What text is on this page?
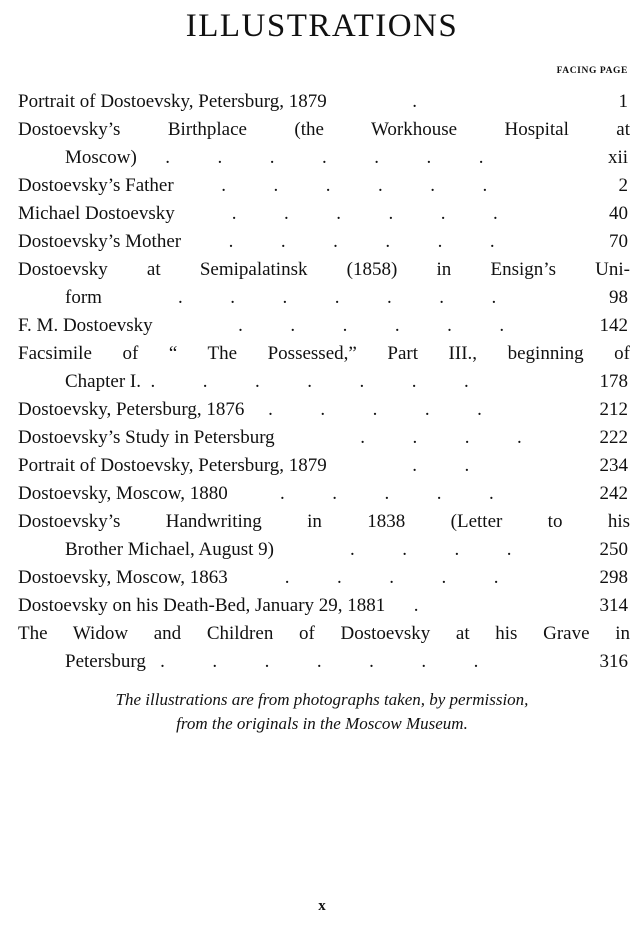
ILLUSTRATIONS
FACING PAGE
Portrait of Dostoevsky, Petersburg, 1879	.	1
Dostoevsky’s Birthplace (the Workhouse Hospital at
Moscow) .          .          .          .          .          .          .	xii
Dostoevsky’s Father	.          .          .          .          .          .	2
Michael Dostoevsky	.          .          .          .          .          .	40
Dostoevsky’s Mother	.          .          .          .          .          .	70
Dostoevsky at Semipalatinsk (1858) in Ensign’s Uni-
form	.          .          .          .          .          .          .	98
F. M. Dostoevsky	.          .          .          .          .          .	142
Facsimile of “ The Possessed,” Part III., beginning of
Chapter I. .          .          .          .          .          .          .	178
Dostoevsky, Petersburg, 1876 .          .          .          .          .	212
Dostoevsky’s Study in Petersburg	.          .          .          .	222
Portrait of Dostoevsky, Petersburg, 1879	.          .	234
Dostoevsky, Moscow, 1880	.          .          .          .          .	242
Dostoevsky’s Handwriting in 1838 (Letter to his
Brother Michael, August 9)	.          .          .          .	250
Dostoevsky, Moscow, 1863	.          .          .          .          .	298
Dostoevsky on his Death-Bed, January 29, 1881 .	314
The Widow and Children of Dostoevsky at his Grave in
Petersburg .          .          .          .          .          .          .	316
The illustrations are from photographs taken, by permission,
from the originals in the Moscow Museum.
x
